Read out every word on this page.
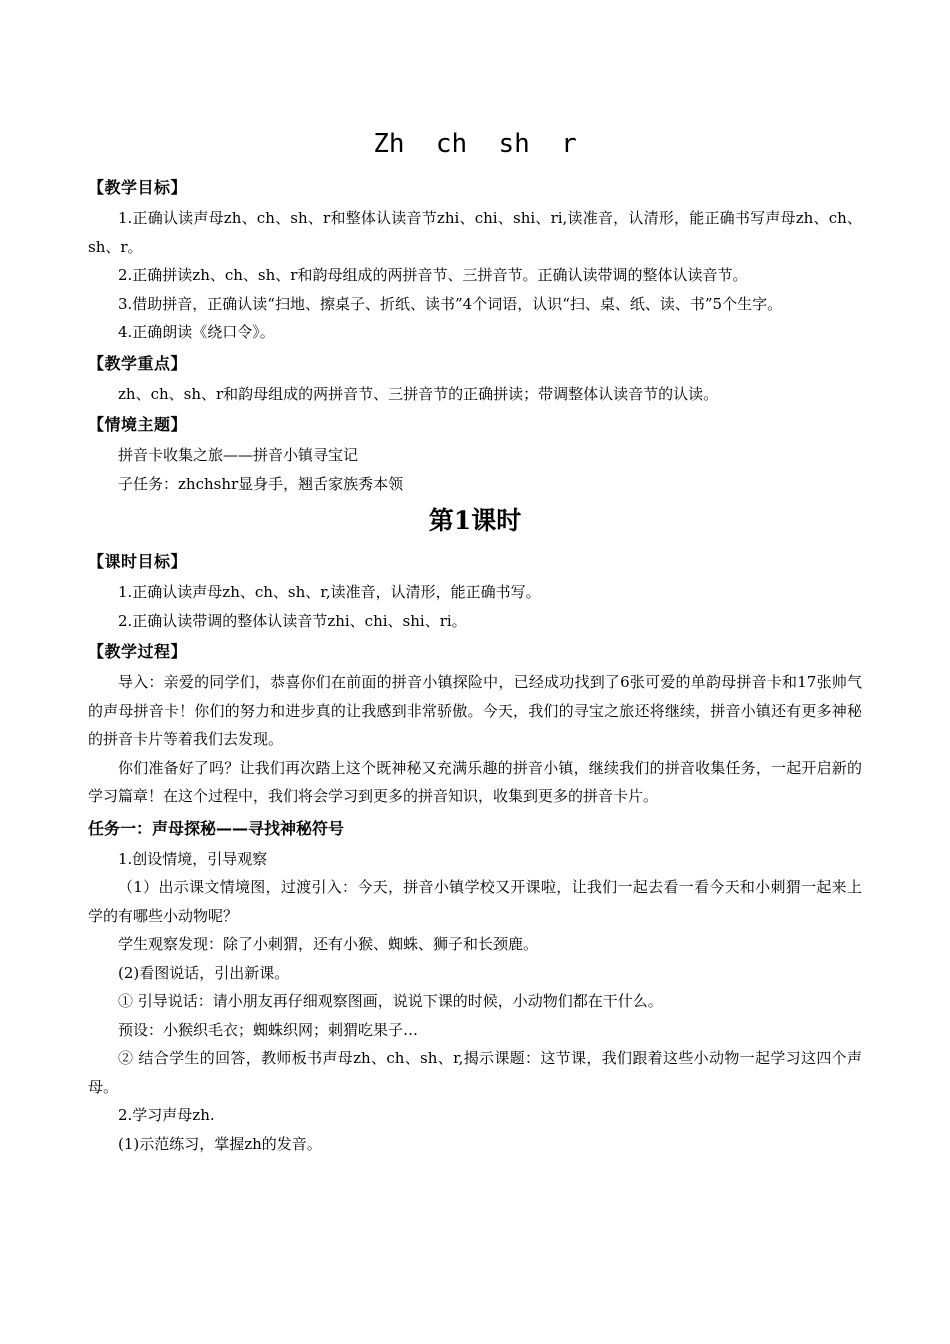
Zh  ch  sh  r
【教学目标】

1.正确认读声母zh、ch、sh、r和整体认读音节zhi、chi、shi、ri,读准音，认清形，能正确书写声母zh、ch、sh、r。

2.正确拼读zh、ch、sh、r和韵母组成的两拼音节、三拼音节。正确认读带调的整体认读音节。

3.借助拼音，正确认读“扫地、擦桌子、折纸、读书”4个词语，认识“扫、桌、纸、读、书”5个生字。

4.正确朗读《绕口令》。

【教学重点】

zh、ch、sh、r和韵母组成的两拼音节、三拼音节的正确拼读；带调整体认读音节的认读。

【情境主题】

拼音卡收集之旅——拼音小镇寻宝记

子任务：zhchshr显身手，翘舌家族秀本领

第1课时
【课时目标】

1.正确认读声母zh、ch、sh、r,读准音，认清形，能正确书写。

2.正确认读带调的整体认读音节zhi、chi、shi、ri。

【教学过程】

导入：亲爱的同学们，恭喜你们在前面的拼音小镇探险中，已经成功找到了6张可爱的单韵母拼音卡和17张帅气的声母拼音卡！你们的努力和进步真的让我感到非常骄傲。今天，我们的寻宝之旅还将继续，拼音小镇还有更多神秘的拼音卡片等着我们去发现。

你们准备好了吗？让我们再次踏上这个既神秘又充满乐趣的拼音小镇，继续我们的拼音收集任务，一起开启新的学习篇章！在这个过程中，我们将会学习到更多的拼音知识，收集到更多的拼音卡片。

任务一：声母探秘——寻找神秘符号

1.创设情境，引导观察

（1）出示课文情境图，过渡引入：今天，拼音小镇学校又开课啦，让我们一起去看一看今天和小刺猬一起来上学的有哪些小动物呢？

学生观察发现：除了小刺猬，还有小猴、蜘蛛、狮子和长颈鹿。

(2)看图说话，引出新课。

① 引导说话：请小朋友再仔细观察图画，说说下课的时候，小动物们都在干什么。

预设：小猴织毛衣；蜘蛛织网；刺猬吃果子…

② 结合学生的回答，教师板书声母zh、ch、sh、r,揭示课题：这节课，我们跟着这些小动物一起学习这四个声母。

2.学习声母zh.

(1)示范练习，掌握zh的发音。
